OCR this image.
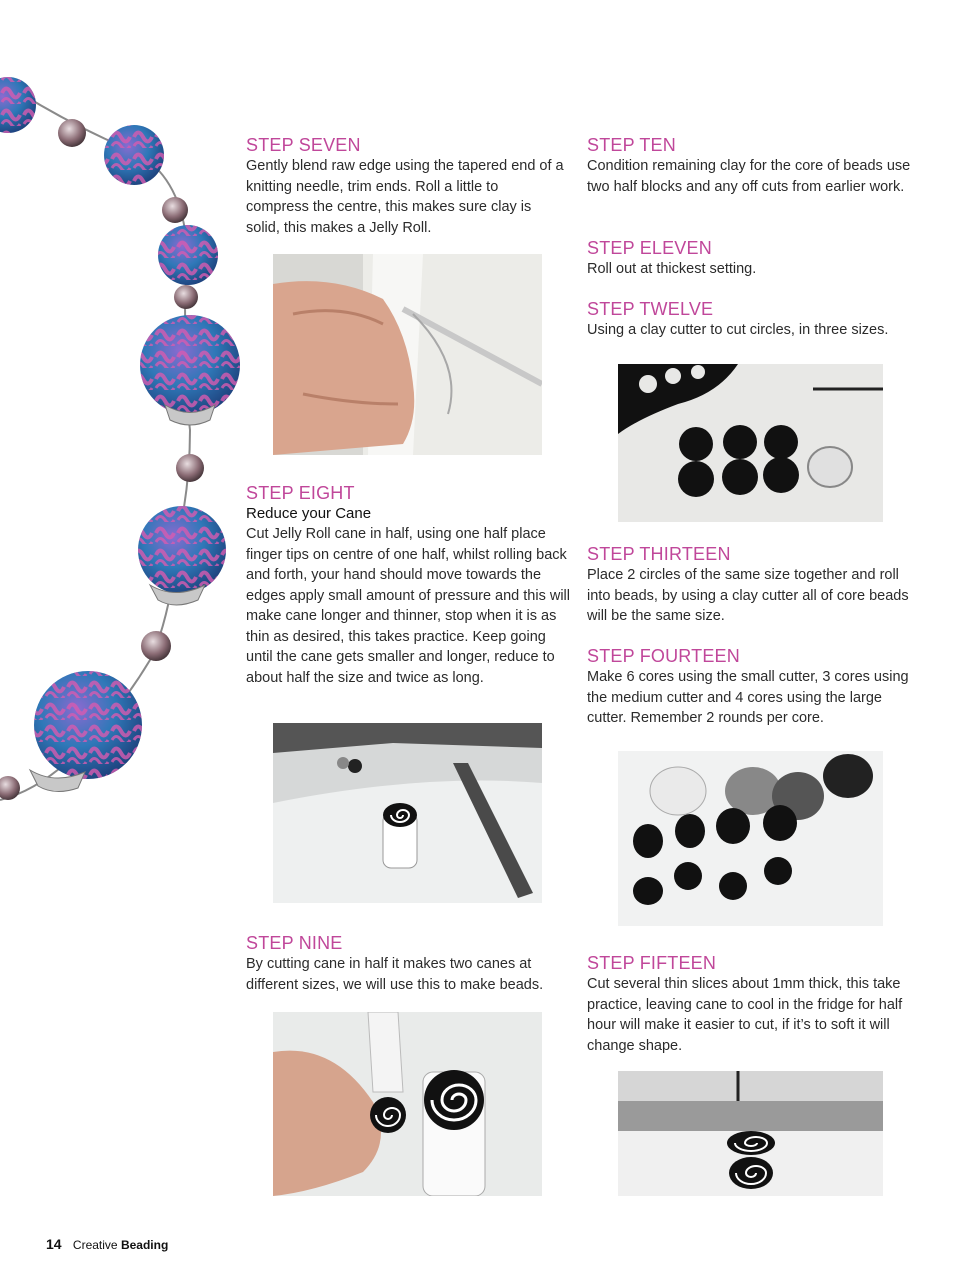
STEP SEVEN

Gently blend raw edge using the tapered end of a knitting needle, trim ends. Roll a little to compress the centre, this makes sure clay is solid, this makes a Jelly Roll.

STEP EIGHT
Reduce your Cane

Cut Jelly Roll cane in half, using one half place finger tips on centre of one half, whilst rolling back and forth, your hand should move towards the edges apply small amount of pressure and this will make cane longer and thinner, stop when it is as thin as desired, this takes practice. Keep going until the cane gets smaller and longer, reduce to about half the size and twice as long.

STEP NINE

By cutting cane in half it makes two canes at different sizes, we will use this to make beads.

STEP TEN

Condition remaining clay for the core of beads use two half blocks and any off cuts from earlier work.

STEP ELEVEN

Roll out at thickest setting.

STEP TWELVE

Using a clay cutter to cut circles, in three sizes.

STEP THIRTEEN

Place 2 circles of the same size together and roll into beads, by using a clay cutter all of core beads will be the same size.

STEP FOURTEEN

Make 6 cores using the small cutter, 3 cores using the medium cutter and 4 cores using the large cutter. Remember 2 rounds per core.

STEP FIFTEEN

Cut several thin slices about 1mm thick, this take practice, leaving cane to cool in the fridge for half hour will make it easier to cut, if it’s to soft it will change shape.

14 Creative Beading
